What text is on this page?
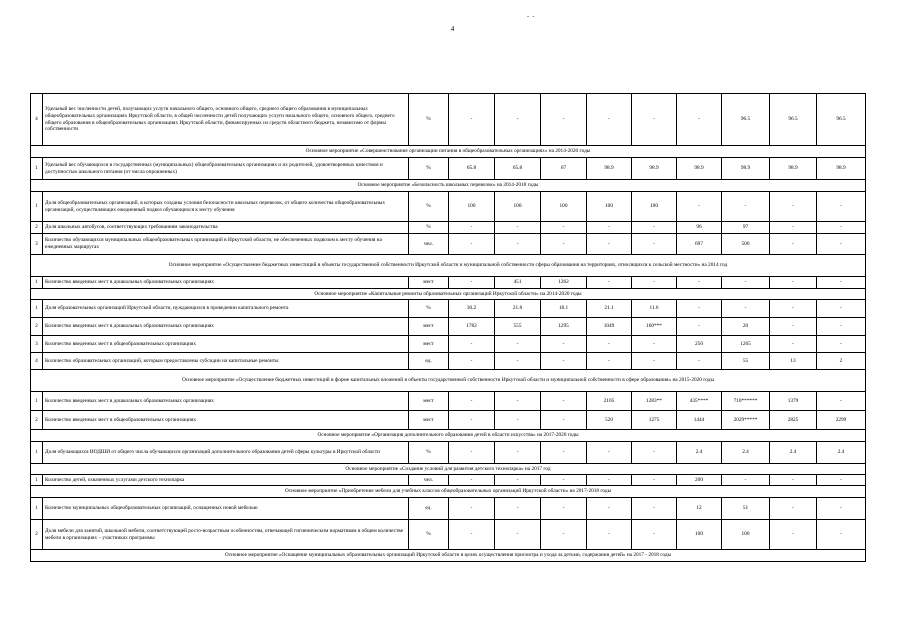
- -
4
4	Удельный вес численности детей, получающих услуги начального общего, основного общего, среднего общего образования в муниципальных общеобразовательных организациях Иркутской области, в общей численности детей получающих услуги начального общего, основного общего, среднего общего образования в общеобразовательных организациях Иркутской области, финансируемых из средств областного бюджета, независимо от формы собственности	%	-	-	-	-	-	-	96.5	96.5	96.5
Основное мероприятие «Совершенствование организации питания в общеобразовательных организациях» на 2014-2020 годы											
1	Удельный вес обучающихся в государственных (муниципальных) общеобразовательных организациях и их родителей, удовлетворенных качеством и доступностью школьного питания (от числа опрошенных)	%	65.8	65.8	67	98.9	98.9	98.9	98.9	98.9	98.9
Основное мероприятие «Безопасность школьных перевозок» на 2014-2018 годы											
1	Доля общеобразовательных организаций, в которых созданы условия безопасности школьных перевозок, от общего количества общеобразовательных организаций, осуществляющих ежедневный подвоз обучающихся к месту обучения	%	100	100	100	100	100	-	-	-	-
2	Доля школьных автобусов, соответствующих требованиям законодательства	%	-	-	-	-	-	96	97	-	-
3	Количество обучающихся муниципальных общеобразовательных организаций в Иркутской области, не обеспеченных подвозом к месту обучения на ежедневных маршрутах	чел.	-	-	-	-	-	697	500	-	-
Основное мероприятие «Осуществление бюджетных инвестиций в объекты государственной собственности Иркутской области и муниципальной собственности сферы образования на территориях, относящихся к сельской местности» на 2014 год											
1	Количество введенных мест в дошкольных образовательных организациях	мест	-	451	1262	-	-	-	-	-	-
Основное мероприятие «Капитальные ремонты образовательных организаций Иркутской области» на 2014-2020 годы											
1	Доля образовательных организаций Иркутской области, нуждающихся в проведении капитального ремонта	%	30.2	21.8	18.1	21.1	11.6	-	-	-	-
2	Количество введенных мест в дошкольных образовательных организациях	мест	1782	555	1295	1049	160***	-	20	-	-
3	Количество введенных мест в общеобразовательных организациях	мест	-	-	-	-	-	250	1265	-	-
4	Количество образовательных организаций, которым предоставлены субсидии на капитальные ремонты	ед.	-	-	-	-	-	-	55	13	2
Основное мероприятие «Осуществление бюджетных инвестиций в форме капитальных вложений в объекты государственной собственности Иркутской области и муниципальной собственности в сфере образования» на 2015-2020 годы											
1	Количество введенных мест в дошкольных образовательных организациях	мест	-	-	-	2105	1283**	435****	710******	1379	-
2	Количество введенных мест в общеобразовательных организациях	мест	-	-	-	520	1275	1444	2029*****	2825	2299
Основное мероприятие «Организация дополнительного образования детей в области искусства» на 2017-2020 годы											
1	Доля обучающихся ИОДШИ от общего числа обучающихся организаций дополнительного образования детей сферы культуры в Иркутской области	%	-	-	-	-	-	2.4	2.4	2.4	2.4
Основное мероприятие «Создание условий для развития детского технопарка» на 2017 год											
1	Количество детей, охваченных услугами детского технопарка	чел.	-	-	-	-	-	200	-	-	-
Основное мероприятие «Приобретение мебели для учебных классов общеобразовательных организаций Иркутской области» на 2017-2018 годы											
1	Количество муниципальных общеобразовательных организаций, оснащенных новой мебелью	ед.	-	-	-	-	-	12	51	-	-
2	Доля мебели для занятий, школьной мебели, соответствующей росто-возрастным особенностям, отвечающей гигиеническим нормативам в общем количестве мебели в организациях – участниках программы	%	-	-	-	-	-	100	100	-	-
Основное мероприятие «Оснащение муниципальных образовательных организаций Иркутской области в целях осуществления присмотра и ухода за детьми, содержания детей» на 2017 - 2018 годы											
